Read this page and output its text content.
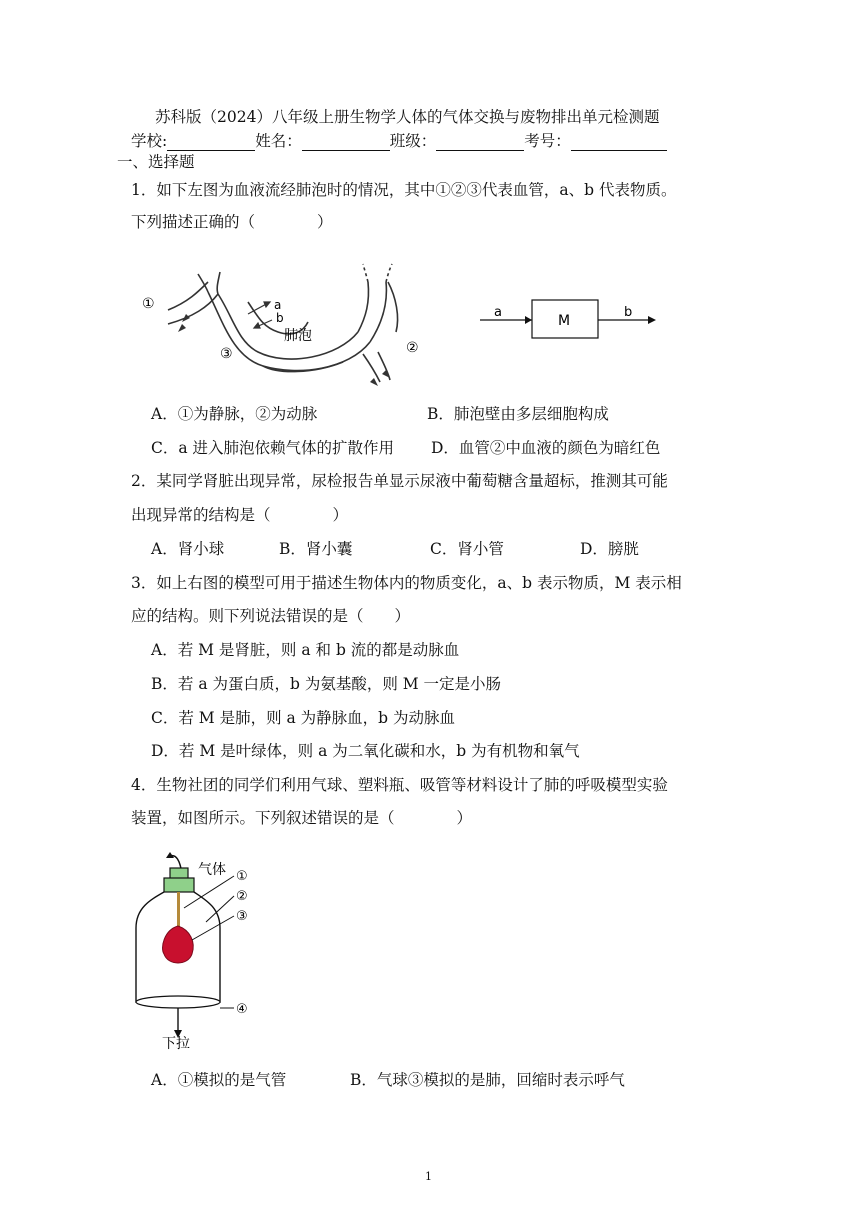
苏科版（2024）八年级上册生物学人体的气体交换与废物排出单元检测题
学校:	姓名：	班级：	考号：
一、选择题
1．如下左图为血液流经肺泡时的情况，其中①②③代表血管，a、b 代表物质。
下列描述正确的（　　　　）
①
②
③
a
b
肺泡
a
M
b
A．①为静脉，②为动脉	B．肺泡壁由多层细胞构成
C．a 进入肺泡依赖气体的扩散作用 D．血管②中血液的颜色为暗红色
2．某同学肾脏出现异常，尿检报告单显示尿液中葡萄糖含量超标，推测其可能
出现异常的结构是（　　　　）
A．肾小球	B．肾小囊	C．肾小管	D．膀胱
3．如上右图的模型可用于描述生物体内的物质变化，a、b 表示物质，M 表示相
应的结构。则下列说法错误的是（　　）
A．若 M 是肾脏，则 a 和 b 流的都是动脉血
B．若 a 为蛋白质，b 为氨基酸，则 M 一定是小肠
C．若 M 是肺，则 a 为静脉血，b 为动脉血
D．若 M 是叶绿体，则 a 为二氧化碳和水，b 为有机物和氧气
4．生物社团的同学们利用气球、塑料瓶、吸管等材料设计了肺的呼吸模型实验
装置，如图所示。下列叙述错误的是（　　　　）
气体 ①
②
③
④
下拉
A．①模拟的是气管	B．气球③模拟的是肺，回缩时表示呼气
1
